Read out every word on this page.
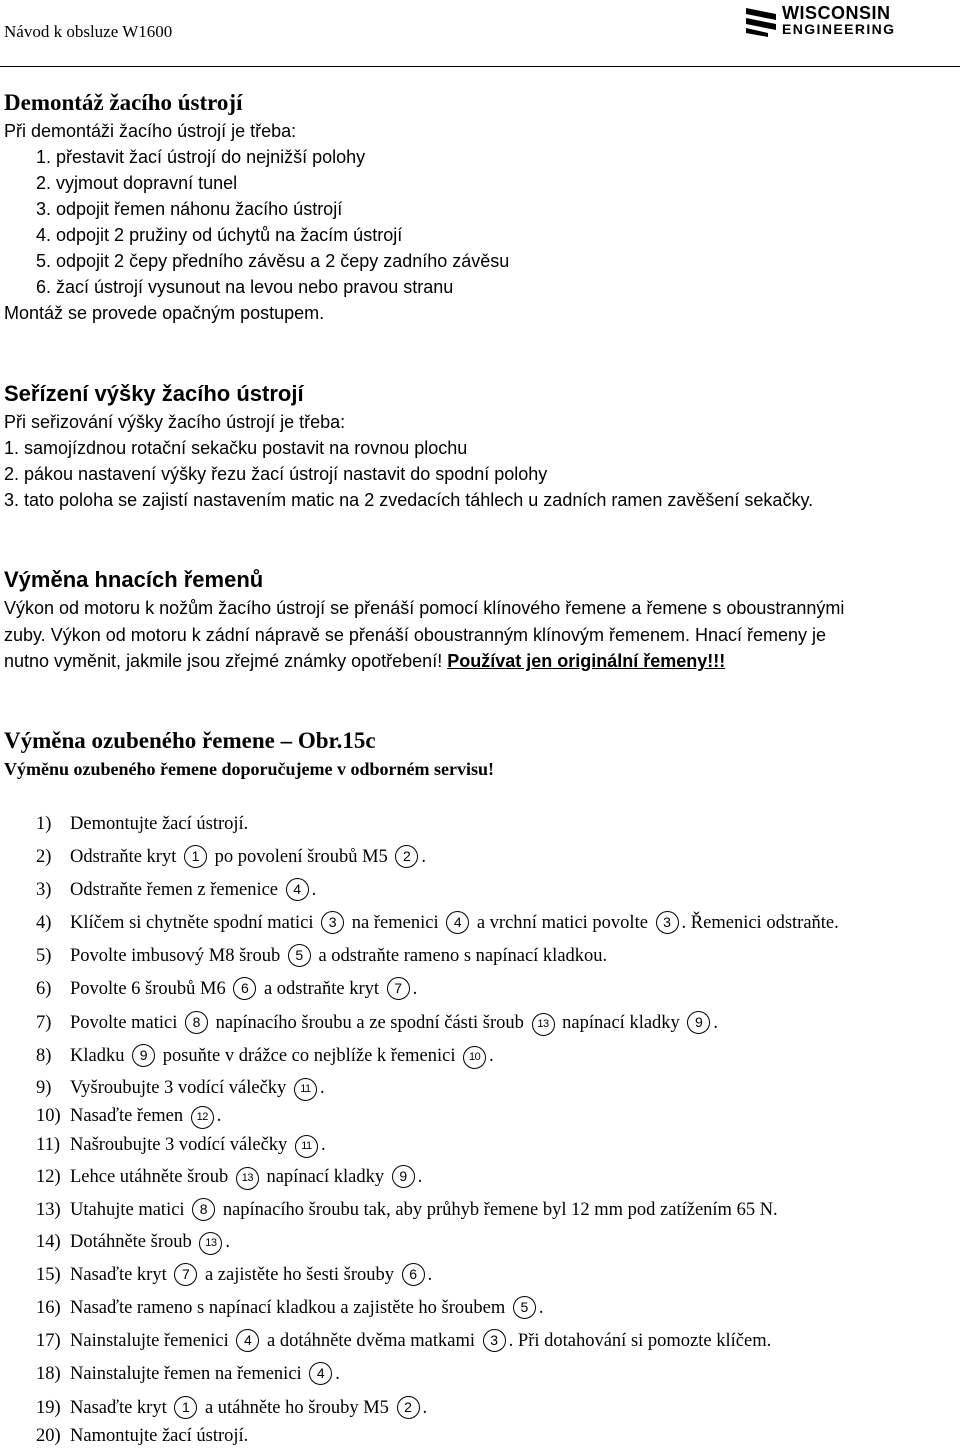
Návod k obsluze W1600
WISCONSIN
ENGINEERING
Demontáž žacího ústrojí
Při demontáži žacího ústrojí je třeba:
1. přestavit žací ústrojí do nejnižší polohy
2. vyjmout dopravní tunel
3. odpojit řemen náhonu žacího ústrojí
4. odpojit 2 pružiny od úchytů na žacím ústrojí
5. odpojit 2 čepy předního závěsu a 2 čepy zadního závěsu
6. žací ústrojí vysunout na levou nebo pravou stranu
Montáž se provede opačným postupem.
Seřízení výšky žacího ústrojí
Při seřizování výšky žacího ústrojí je třeba:
1. samojízdnou rotační sekačku postavit na rovnou plochu
2. pákou nastavení výšky řezu žací ústrojí nastavit do spodní polohy
3. tato poloha se zajistí nastavením matic na 2 zvedacích táhlech u zadních ramen zavěšení sekačky.
Výměna hnacích řemenů
Výkon od motoru k nožům žacího ústrojí se přenáší pomocí klínového řemene a řemene s oboustrannými
zuby. Výkon od motoru k zádní nápravě se přenáší oboustranným klínovým řemenem. Hnací řemeny je
nutno vyměnit, jakmile jsou zřejmé známky opotřebení! Používat jen originální řemeny!!!
Výměna ozubeného řemene – Obr.15c
Výměnu ozubeného řemene doporučujeme v odborném servisu!
1) Demontujte žací ústrojí.
2) Odstraňte kryt 1 po povolení šroubů M5 2 .
3) Odstraňte řemen z řemenice 4 .
4) Klíčem si chytněte spodní matici 3 na řemenici 4 a vrchní matici povolte 3 . Řemenici odstraňte.
5) Povolte imbusový M8 šroub 5 a odstraňte rameno s napínací kladkou.
6) Povolte 6 šroubů M6 6 a odstraňte kryt 7 .
7) Povolte matici 8 napínacího šroubu a ze spodní části šroub 13 napínací kladky 9 .
8) Kladku 9 posuňte v drážce co nejblíže k řemenici 10 .
9) Vyšroubujte 3 vodící válečky 11 .
10) Nasaďte řemen 12 .
11) Našroubujte 3 vodící válečky 11 .
12) Lehce utáhněte šroub 13 napínací kladky 9 .
13) Utahujte matici 8 napínacího šroubu tak, aby průhyb řemene byl 12 mm pod zatížením 65 N.
14) Dotáhněte šroub 13 .
15) Nasaďte kryt 7 a zajistěte ho šesti šrouby 6 .
16) Nasaďte rameno s napínací kladkou a zajistěte ho šroubem 5 .
17) Nainstalujte řemenici 4 a dotáhněte dvěma matkami 3 . Při dotahování si pomozte klíčem.
18) Nainstalujte řemen na řemenici 4 .
19) Nasaďte kryt 1 a utáhněte ho šrouby M5 2 .
20) Namontujte žací ústrojí.
